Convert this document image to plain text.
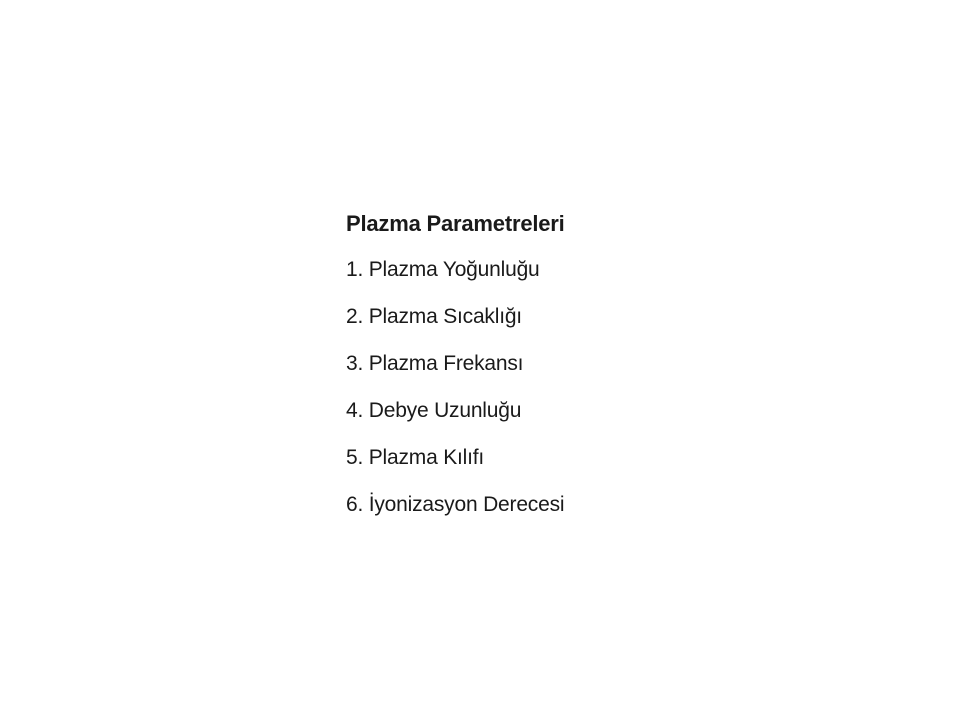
Plazma Parametreleri
1. Plazma Yoğunluğu
2. Plazma Sıcaklığı
3. Plazma Frekansı
4. Debye Uzunluğu
5. Plazma Kılıfı
6. İyonizasyon Derecesi
